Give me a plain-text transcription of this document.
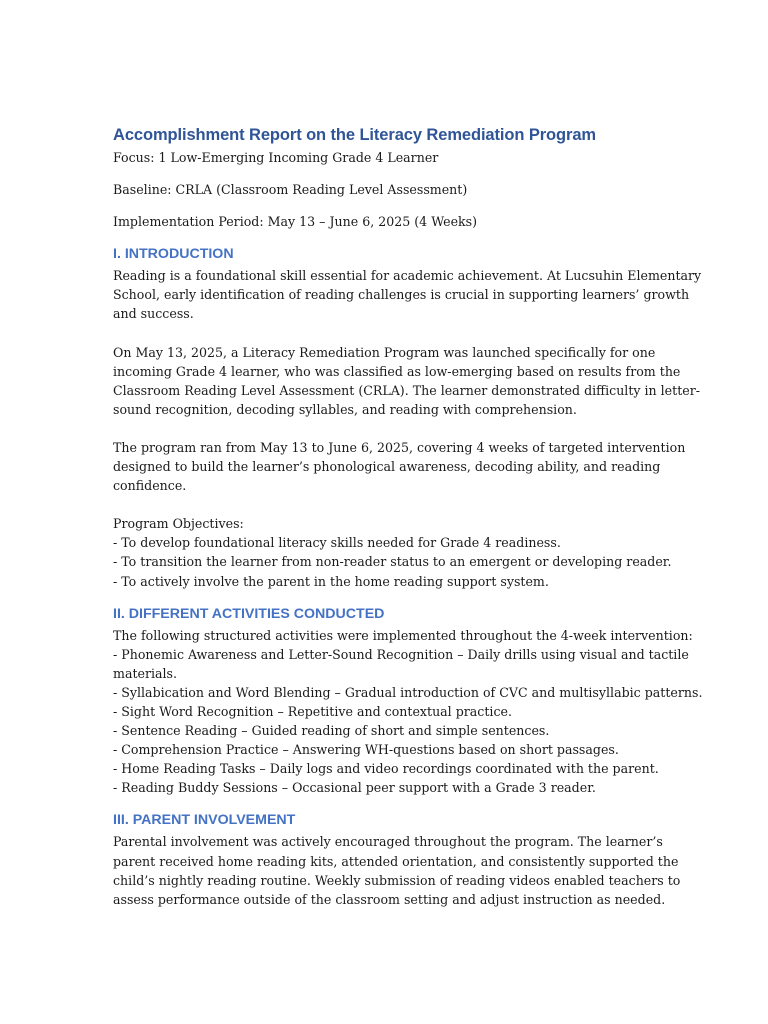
Accomplishment Report on the Literacy Remediation Program
Focus: 1 Low-Emerging Incoming Grade 4 Learner
Baseline: CRLA (Classroom Reading Level Assessment)
Implementation Period: May 13 – June 6, 2025 (4 Weeks)
I. INTRODUCTION
Reading is a foundational skill essential for academic achievement. At Lucsuhin Elementary
School, early identification of reading challenges is crucial in supporting learners’ growth
and success.
On May 13, 2025, a Literacy Remediation Program was launched specifically for one
incoming Grade 4 learner, who was classified as low-emerging based on results from the
Classroom Reading Level Assessment (CRLA). The learner demonstrated difficulty in letter-
sound recognition, decoding syllables, and reading with comprehension.
The program ran from May 13 to June 6, 2025, covering 4 weeks of targeted intervention
designed to build the learner’s phonological awareness, decoding ability, and reading
confidence.
Program Objectives:
- To develop foundational literacy skills needed for Grade 4 readiness.
- To transition the learner from non-reader status to an emergent or developing reader.
- To actively involve the parent in the home reading support system.
II. DIFFERENT ACTIVITIES CONDUCTED
The following structured activities were implemented throughout the 4-week intervention:
- Phonemic Awareness and Letter-Sound Recognition – Daily drills using visual and tactile
materials.
- Syllabication and Word Blending – Gradual introduction of CVC and multisyllabic patterns.
- Sight Word Recognition – Repetitive and contextual practice.
- Sentence Reading – Guided reading of short and simple sentences.
- Comprehension Practice – Answering WH-questions based on short passages.
- Home Reading Tasks – Daily logs and video recordings coordinated with the parent.
- Reading Buddy Sessions – Occasional peer support with a Grade 3 reader.
III. PARENT INVOLVEMENT
Parental involvement was actively encouraged throughout the program. The learner’s
parent received home reading kits, attended orientation, and consistently supported the
child’s nightly reading routine. Weekly submission of reading videos enabled teachers to
assess performance outside of the classroom setting and adjust instruction as needed.
